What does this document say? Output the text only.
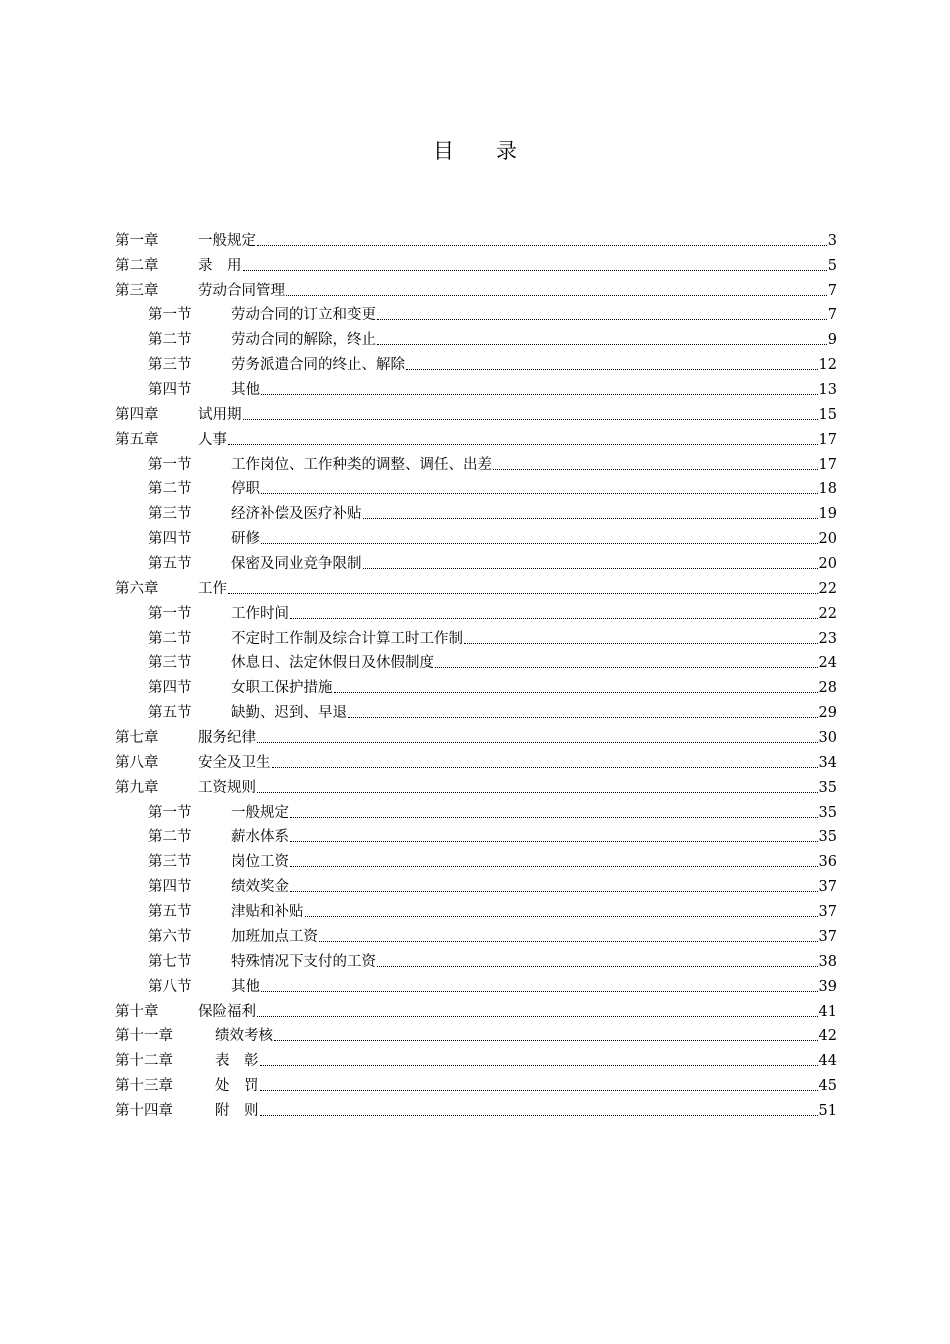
目　　录
第一章	一般规定	3
第二章	录　用	5
第三章	劳动合同管理	7
第一节	劳动合同的订立和变更	7
第二节	劳动合同的解除，终止	9
第三节	劳务派遣合同的终止、解除	12
第四节	其他	13
第四章	试用期	15
第五章	人事	17
第一节	工作岗位、工作种类的调整、调任、出差	17
第二节	停职	18
第三节	经济补偿及医疗补贴	19
第四节	研修	20
第五节	保密及同业竞争限制	20
第六章	工作	22
第一节	工作时间	22
第二节	不定时工作制及综合计算工时工作制	23
第三节	休息日、法定休假日及休假制度	24
第四节	女职工保护措施	28
第五节	缺勤、迟到、早退	29
第七章	服务纪律	30
第八章	安全及卫生	34
第九章	工资规则	35
第一节	一般规定	35
第二节	薪水体系	35
第三节	岗位工资	36
第四节	绩效奖金	37
第五节	津贴和补贴	37
第六节	加班加点工资	37
第七节	特殊情况下支付的工资	38
第八节	其他	39
第十章	保险福利	41
第十一章	绩效考核	42
第十二章	表　彰	44
第十三章	处　罚	45
第十四章	附　则	51
